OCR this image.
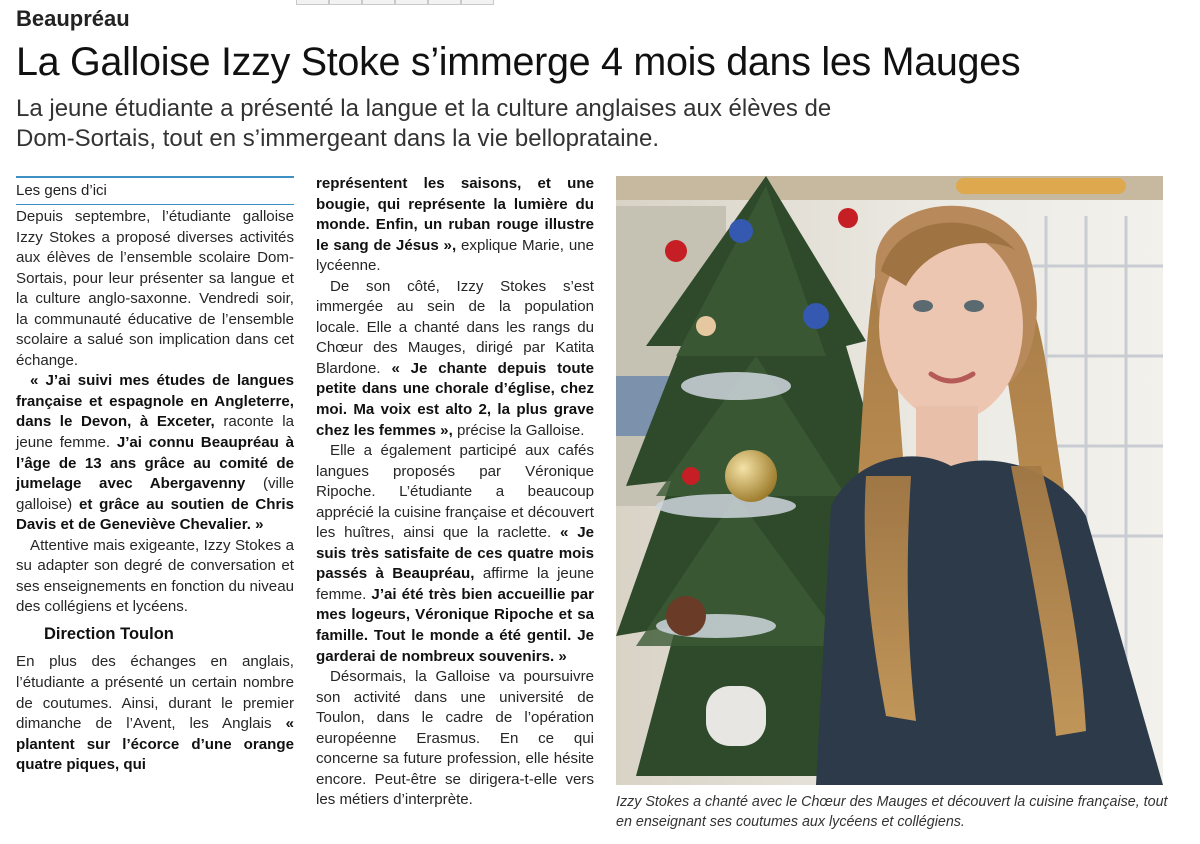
Beaupréau
La Galloise Izzy Stoke s’immerge 4 mois dans les Mauges
La jeune étudiante a présenté la langue et la culture anglaises aux élèves de Dom-Sortais, tout en s’immergeant dans la vie belloprataine.
Les gens d’ici

Depuis septembre, l’étudiante galloise Izzy Stokes a proposé diverses activités aux élèves de l’ensemble scolaire Dom-Sortais, pour leur présenter sa langue et la culture anglo-saxonne. Vendredi soir, la communauté éducative de l’ensemble scolaire a salué son implication dans cet échange.

« J’ai suivi mes études de langues française et espagnole en Angleterre, dans le Devon, à Exceter, raconte la jeune femme. J’ai connu Beaupréau à l’âge de 13 ans grâce au comité de jumelage avec Abergavenny (ville galloise) et grâce au soutien de Chris Davis et de Geneviève Chevalier. »

Attentive mais exigeante, Izzy Stokes a su adapter son degré de conversation et ses enseignements en fonction du niveau des collégiens et lycéens.

Direction Toulon

En plus des échanges en anglais, l’étudiante a présenté un certain nombre de coutumes. Ainsi, durant le premier dimanche de l’Avent, les Anglais « plantent sur l’écorce d’une orange quatre piques, qui

représentent les saisons, et une bougie, qui représente la lumière du monde. Enfin, un ruban rouge illustre le sang de Jésus », explique Marie, une lycéenne.

De son côté, Izzy Stokes s’est immergée au sein de la population locale. Elle a chanté dans les rangs du Chœur des Mauges, dirigé par Katita Blardone. « Je chante depuis toute petite dans une chorale d’église, chez moi. Ma voix est alto 2, la plus grave chez les femmes », précise la Galloise.

Elle a également participé aux cafés langues proposés par Véronique Ripoche. L’étudiante a beaucoup apprécié la cuisine française et découvert les huîtres, ainsi que la raclette. « Je suis très satisfaite de ces quatre mois passés à Beaupréau, affirme la jeune femme. J’ai été très bien accueillie par mes logeurs, Véronique Ripoche et sa famille. Tout le monde a été gentil. Je garderai de nombreux souvenirs. »

Désormais, la Galloise va poursuivre son activité dans une université de Toulon, dans le cadre de l’opération européenne Erasmus. En ce qui concerne sa future profession, elle hésite encore. Peut-être se dirigera-t-elle vers les métiers d’interprète.	Izzy Stokes a chanté avec le Chœur des Mauges et découvert la cuisine française, tout en enseignant ses coutumes aux lycéens et collégiens.
